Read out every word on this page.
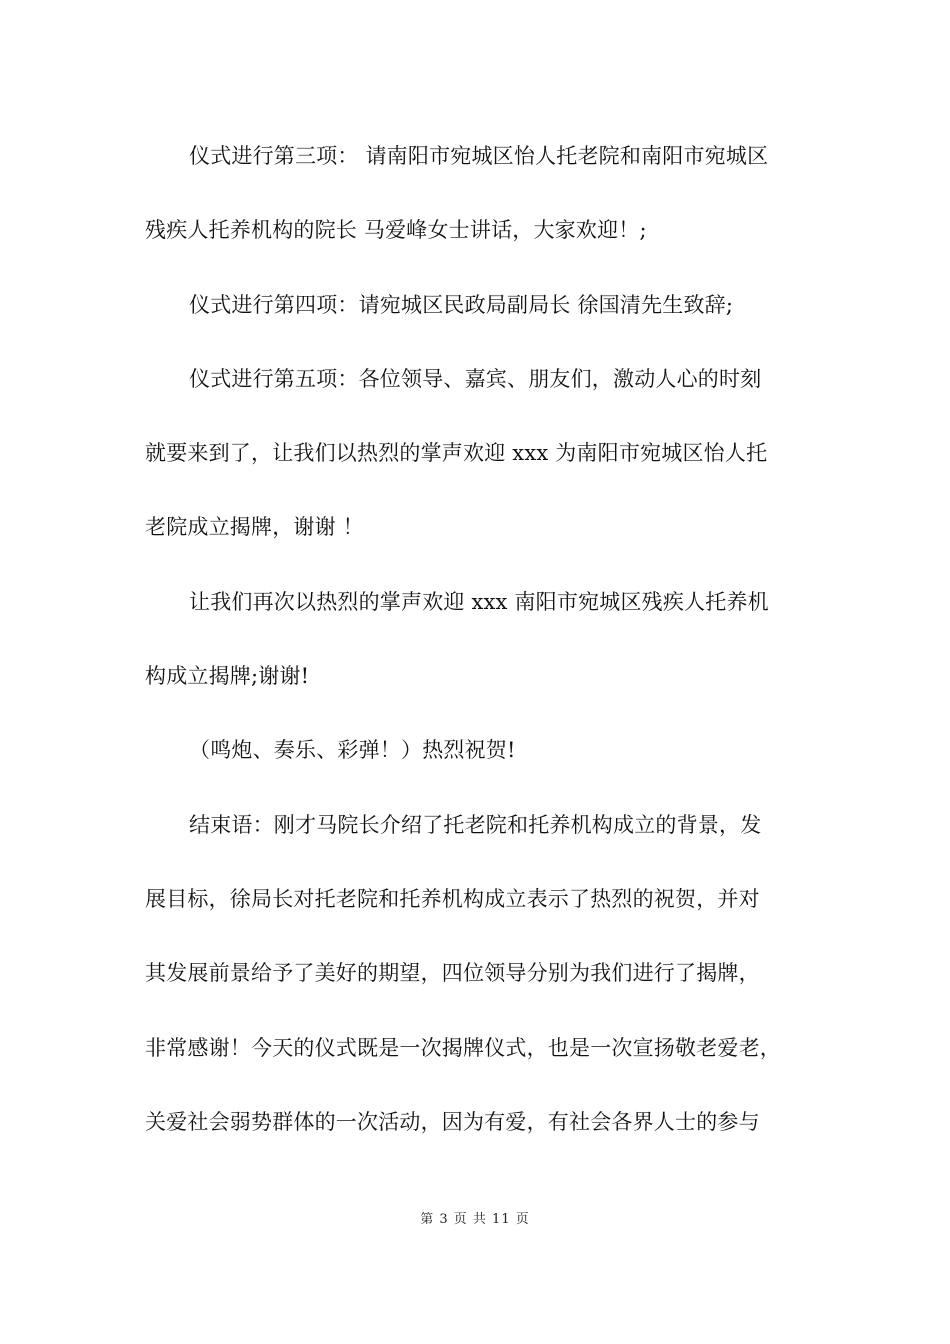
仪式进行第三项： 请南阳市宛城区怡人托老院和南阳市宛城区
残疾人托养机构的院长 马爱峰女士讲话，大家欢迎！;
仪式进行第四项：请宛城区民政局副局长 徐国清先生致辞;
仪式进行第五项：各位领导、嘉宾、朋友们，激动人心的时刻
就要来到了，让我们以热烈的掌声欢迎 xxx 为南阳市宛城区怡人托
老院成立揭牌，谢谢 ！
让我们再次以热烈的掌声欢迎 xxx 南阳市宛城区残疾人托养机
构成立揭牌;谢谢!
（鸣炮、奏乐、彩弹！）热烈祝贺!
结束语：刚才马院长介绍了托老院和托养机构成立的背景，发
展目标，徐局长对托老院和托养机构成立表示了热烈的祝贺，并对
其发展前景给予了美好的期望，四位领导分别为我们进行了揭牌，
非常感谢！今天的仪式既是一次揭牌仪式，也是一次宣扬敬老爱老，
关爱社会弱势群体的一次活动，因为有爱，有社会各界人士的参与
第 3 页 共 11 页
